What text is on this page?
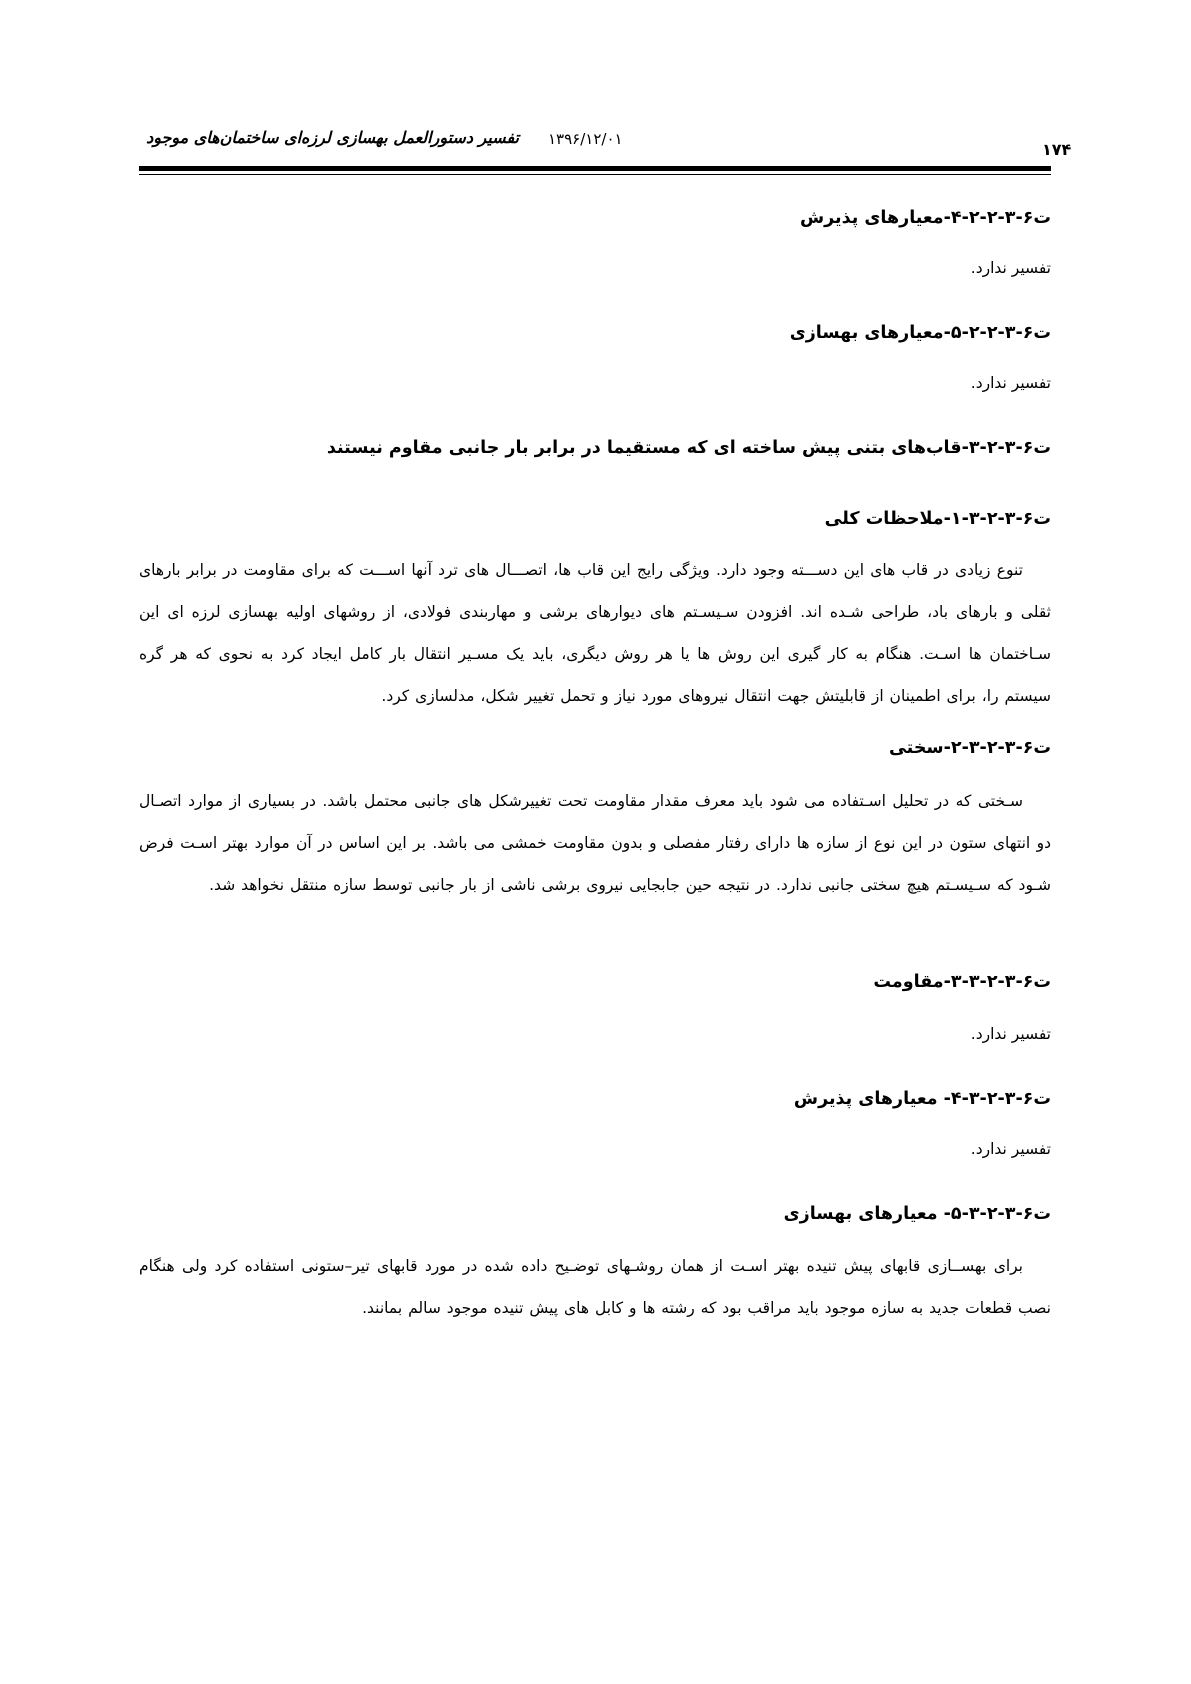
تفسیر دستورالعمل بهسازی لرزه‌ای ساختمان‌های موجود ۱۳۹۶/۱۲/۰۱
۱۷۴
ت۶-۳-۲-۲-۴-معیارهای پذیرش
تفسیر ندارد.
ت۶-۳-۲-۲-۵-معیارهای بهسازی
تفسیر ندارد.
ت۶-۳-۲-۳-قاب‌های بتنی پیش ساخته ای که مستقیما در برابر بار جانبی مقاوم نیستند
ت۶-۳-۲-۳-۱-ملاحظات کلی
تنوع زیادی در قاب های این دســـته وجود دارد. ویژگی رایج این قاب ها، اتصـــال های ترد آنها اســـت که برای مقاومت در برابر بارهای ثقلی و بارهای باد، طراحی شـده اند. افزودن سـیسـتم های دیوارهای برشی و مهاربندی فولادی، از روشهای اولیه بهسازی لرزه ای این سـاختمان ها اسـت. هنگام به کار گیری این روش ها یا هر روش دیگری، باید یک مسـیر انتقال بار کامل ایجاد کرد به نحوی که هر گره سیستم را، برای اطمینان از قابلیتش جهت انتقال نیروهای مورد نیاز و تحمل تغییر شکل، مدلسازی کرد.
ت۶-۳-۲-۳-۲-سختی
سـختی که در تحلیل اسـتفاده می شود باید معرف مقدار مقاومت تحت تغییرشکل های جانبی محتمل باشد. در بسیاری از موارد اتصـال دو انتهای ستون در این نوع از سازه ها دارای رفتار مفصلی و بدون مقاومت خمشی می باشد. بر این اساس در آن موارد بهتر اسـت فرض شـود که سـیسـتم هیچ سختی جانبی ندارد. در نتیجه حین جابجایی نیروی برشی ناشی از بار جانبی توسط سازه منتقل نخواهد شد.
ت۶-۳-۲-۳-۳-مقاومت
تفسیر ندارد.
ت۶-۳-۲-۳-۴- معیارهای پذیرش
تفسیر ندارد.
ت۶-۳-۲-۳-۵- معیارهای بهسازی
برای بهســازی قابهای پیش تنیده بهتر اسـت از همان روشـهای توضـیح داده شده در مورد قابهای تیر–ستونی استفاده کرد ولی هنگام نصب قطعات جدید به سازه موجود باید مراقب بود که رشته ها و کابل های پیش تنیده موجود سالم بمانند.
